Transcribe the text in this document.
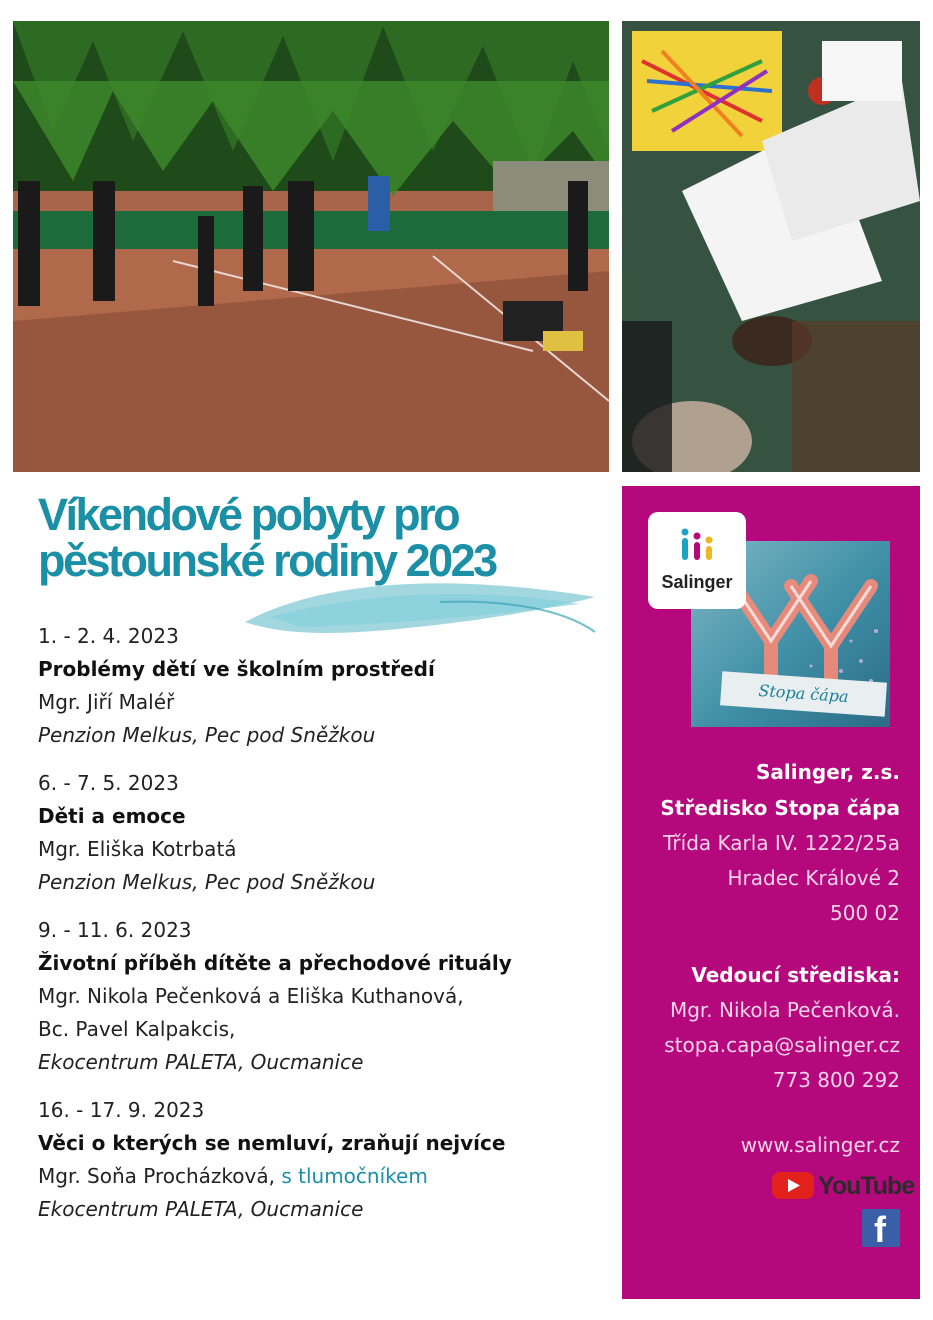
Víkendové pobyty pro
pěstounské rodiny 2023
1. - 2. 4. 2023
Problémy dětí ve školním prostředí
Mgr. Jiří Maléř
Penzion Melkus, Pec pod Sněžkou
6. - 7. 5. 2023
Děti a emoce
Mgr. Eliška Kotrbatá
Penzion Melkus, Pec pod Sněžkou
9. - 11. 6. 2023
Životní příběh dítěte a přechodové rituály
Mgr. Nikola Pečenková a Eliška Kuthanová,
Bc. Pavel Kalpakcis,
Ekocentrum PALETA, Oucmanice
16. - 17. 9. 2023
Věci o kterých se nemluví, zraňují nejvíce
Mgr. Soňa Procházková, s tlumočníkem
Ekocentrum PALETA, Oucmanice
Salinger
Stopa čápa
Salinger, z.s.
Středisko Stopa čápa
Třída Karla IV. 1222/25a
Hradec Králové 2
500 02
Vedoucí střediska:
Mgr. Nikola Pečenková.
stopa.capa@salinger.cz
773 800 292
www.salinger.cz
YouTube
f
